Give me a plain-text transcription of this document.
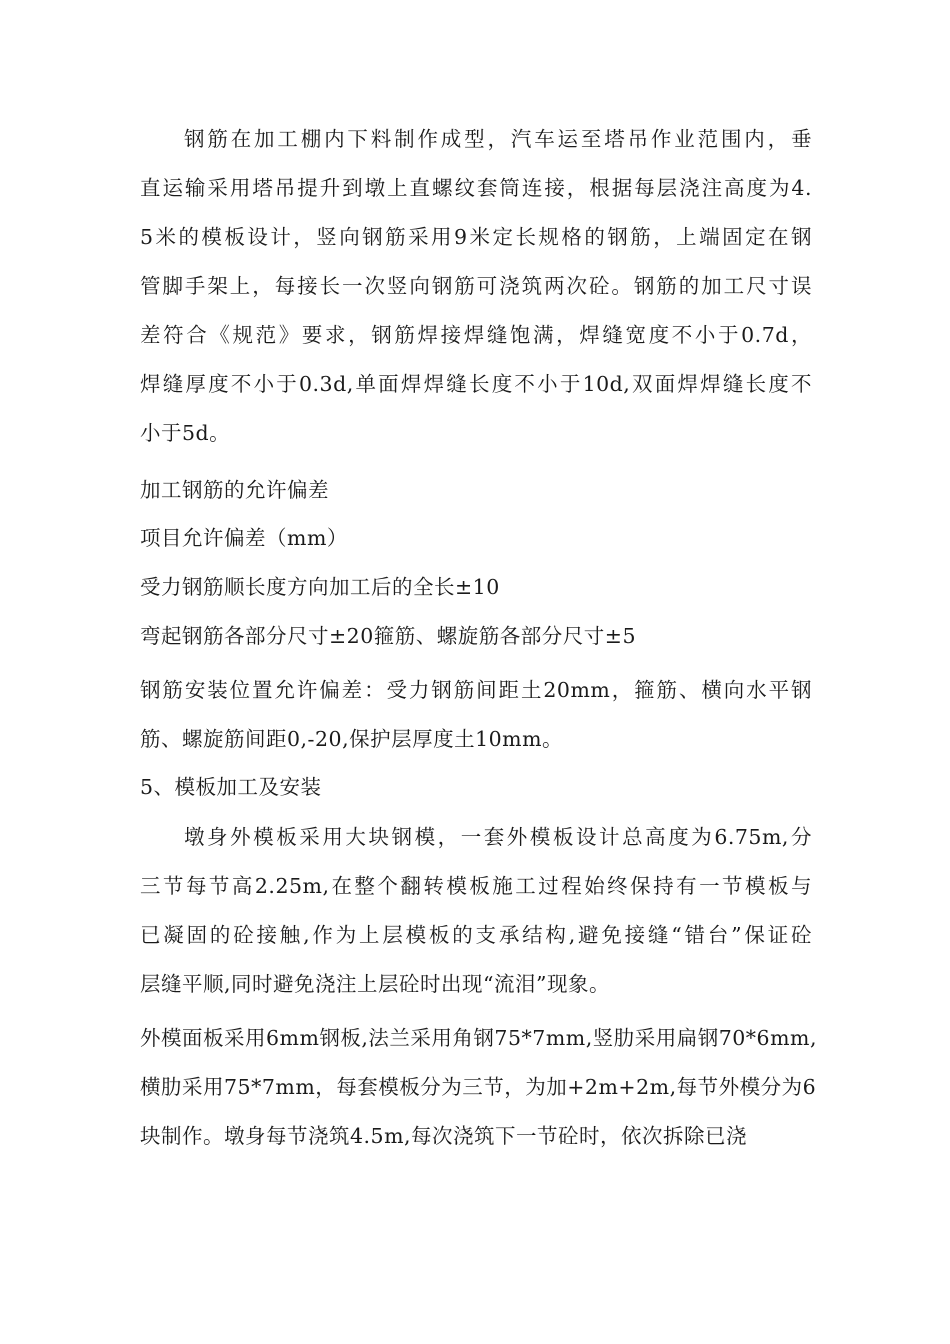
钢筋在加工棚内下料制作成型，汽车运至塔吊作业范围内，垂
直运输采用塔吊提升到墩上直螺纹套筒连接，根据每层浇注高度为4.
5米的模板设计，竖向钢筋采用9米定长规格的钢筋，上端固定在钢
管脚手架上，每接长一次竖向钢筋可浇筑两次砼。钢筋的加工尺寸误
差符合《规范》要求，钢筋焊接焊缝饱满，焊缝宽度不小于0.7d，
焊缝厚度不小于0.3d,单面焊焊缝长度不小于10d,双面焊焊缝长度不
小于5d。
加工钢筋的允许偏差
项目允许偏差（mm）
受力钢筋顺长度方向加工后的全长±10
弯起钢筋各部分尺寸±20箍筋、螺旋筋各部分尺寸±5
钢筋安装位置允许偏差：受力钢筋间距土20mm，箍筋、横向水平钢
筋、螺旋筋间距0,-20,保护层厚度土10mm。
5、模板加工及安装
墩身外模板采用大块钢模，一套外模板设计总高度为6.75m,分
三节每节高2.25m,在整个翻转模板施工过程始终保持有一节模板与
已凝固的砼接触,作为上层模板的支承结构,避免接缝“错台”保证砼
层缝平顺,同时避免浇注上层砼时出现“流泪”现象。
外模面板采用6mm钢板,法兰采用角钢75*7mm,竖肋采用扁钢70*6mm,
横肋采用75*7mm，每套模板分为三节，为加+2m+2m,每节外模分为6
块制作。墩身每节浇筑4.5m,每次浇筑下一节砼时，依次拆除已浇
